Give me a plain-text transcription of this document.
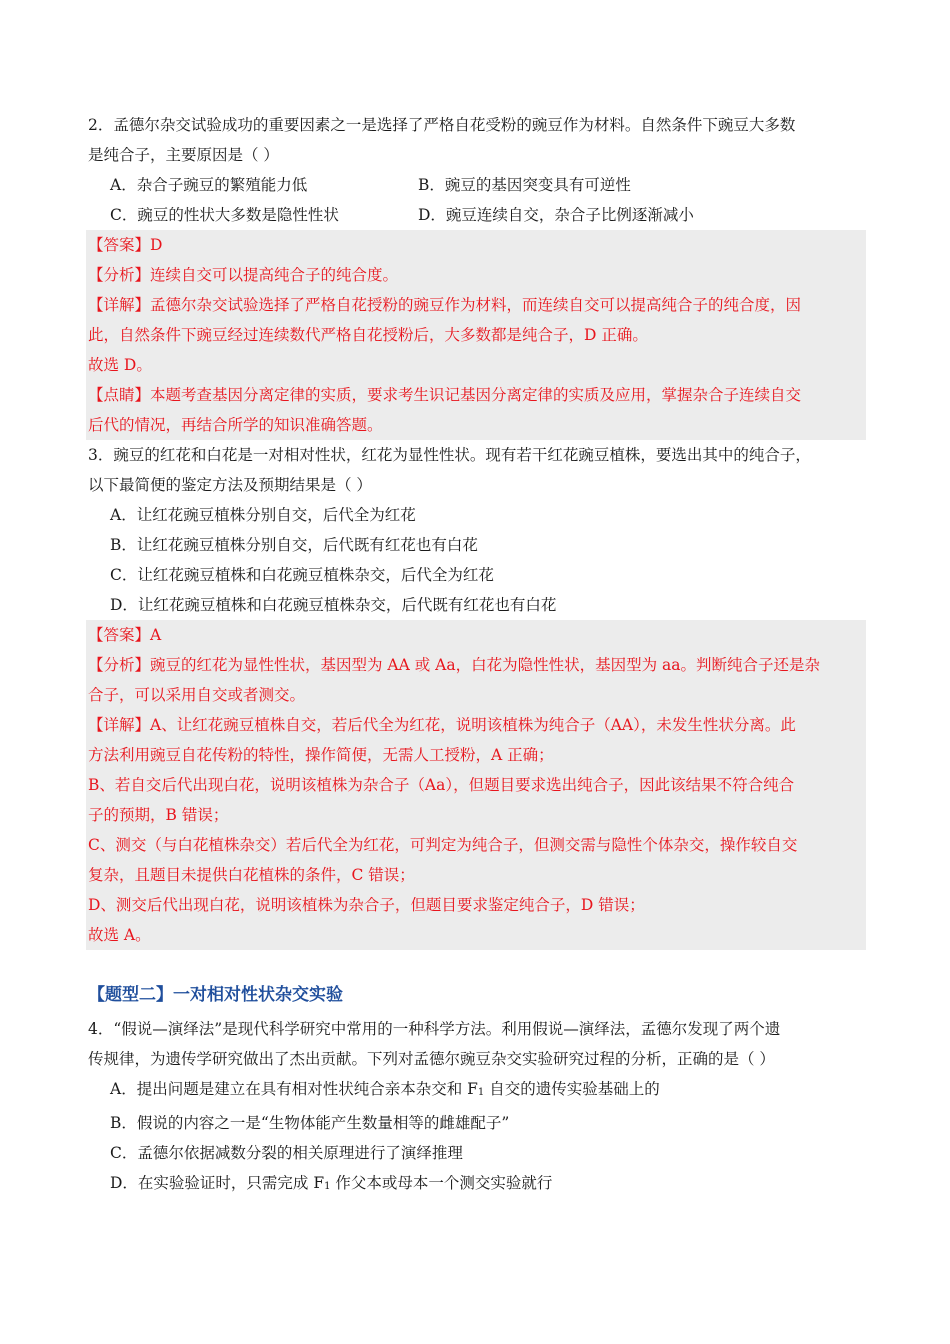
2．孟德尔杂交试验成功的重要因素之一是选择了严格自花受粉的豌豆作为材料。自然条件下豌豆大多数
是纯合子，主要原因是（ ）
A．杂合子豌豆的繁殖能力低	B．豌豆的基因突变具有可逆性
C．豌豆的性状大多数是隐性性状	D．豌豆连续自交，杂合子比例逐渐减小
【答案】D
【分析】连续自交可以提高纯合子的纯合度。
【详解】孟德尔杂交试验选择了严格自花授粉的豌豆作为材料，而连续自交可以提高纯合子的纯合度，因
此，自然条件下豌豆经过连续数代严格自花授粉后，大多数都是纯合子，D 正确。
故选 D。
【点睛】本题考查基因分离定律的实质，要求考生识记基因分离定律的实质及应用，掌握杂合子连续自交
后代的情况，再结合所学的知识准确答题。
3．豌豆的红花和白花是一对相对性状，红花为显性性状。现有若干红花豌豆植株，要选出其中的纯合子，
以下最简便的鉴定方法及预期结果是（ ）
A．让红花豌豆植株分别自交，后代全为红花
B．让红花豌豆植株分别自交，后代既有红花也有白花
C．让红花豌豆植株和白花豌豆植株杂交，后代全为红花
D．让红花豌豆植株和白花豌豆植株杂交，后代既有红花也有白花
【答案】A
【分析】豌豆的红花为显性性状，基因型为 AA 或 Aa，白花为隐性性状，基因型为 aa。判断纯合子还是杂
合子，可以采用自交或者测交。
【详解】A、让红花豌豆植株自交，若后代全为红花，说明该植株为纯合子（AA），未发生性状分离。此
方法利用豌豆自花传粉的特性，操作简便，无需人工授粉，A 正确；
B、若自交后代出现白花，说明该植株为杂合子（Aa），但题目要求选出纯合子，因此该结果不符合纯合
子的预期，B 错误；
C、测交（与白花植株杂交）若后代全为红花，可判定为纯合子，但测交需与隐性个体杂交，操作较自交
复杂，且题目未提供白花植株的条件，C 错误；
D、测交后代出现白花，说明该植株为杂合子，但题目要求鉴定纯合子，D 错误；
故选 A。
【题型二】一对相对性状杂交实验
4．“假说—演绎法”是现代科学研究中常用的一种科学方法。利用假说—演绎法，孟德尔发现了两个遗
传规律，为遗传学研究做出了杰出贡献。下列对孟德尔豌豆杂交实验研究过程的分析，正确的是（ ）
A．提出问题是建立在具有相对性状纯合亲本杂交和 F1 自交的遗传实验基础上的
B．假说的内容之一是“生物体能产生数量相等的雌雄配子”
C．孟德尔依据减数分裂的相关原理进行了演绎推理
D．在实验验证时，只需完成 F1 作父本或母本一个测交实验就行
